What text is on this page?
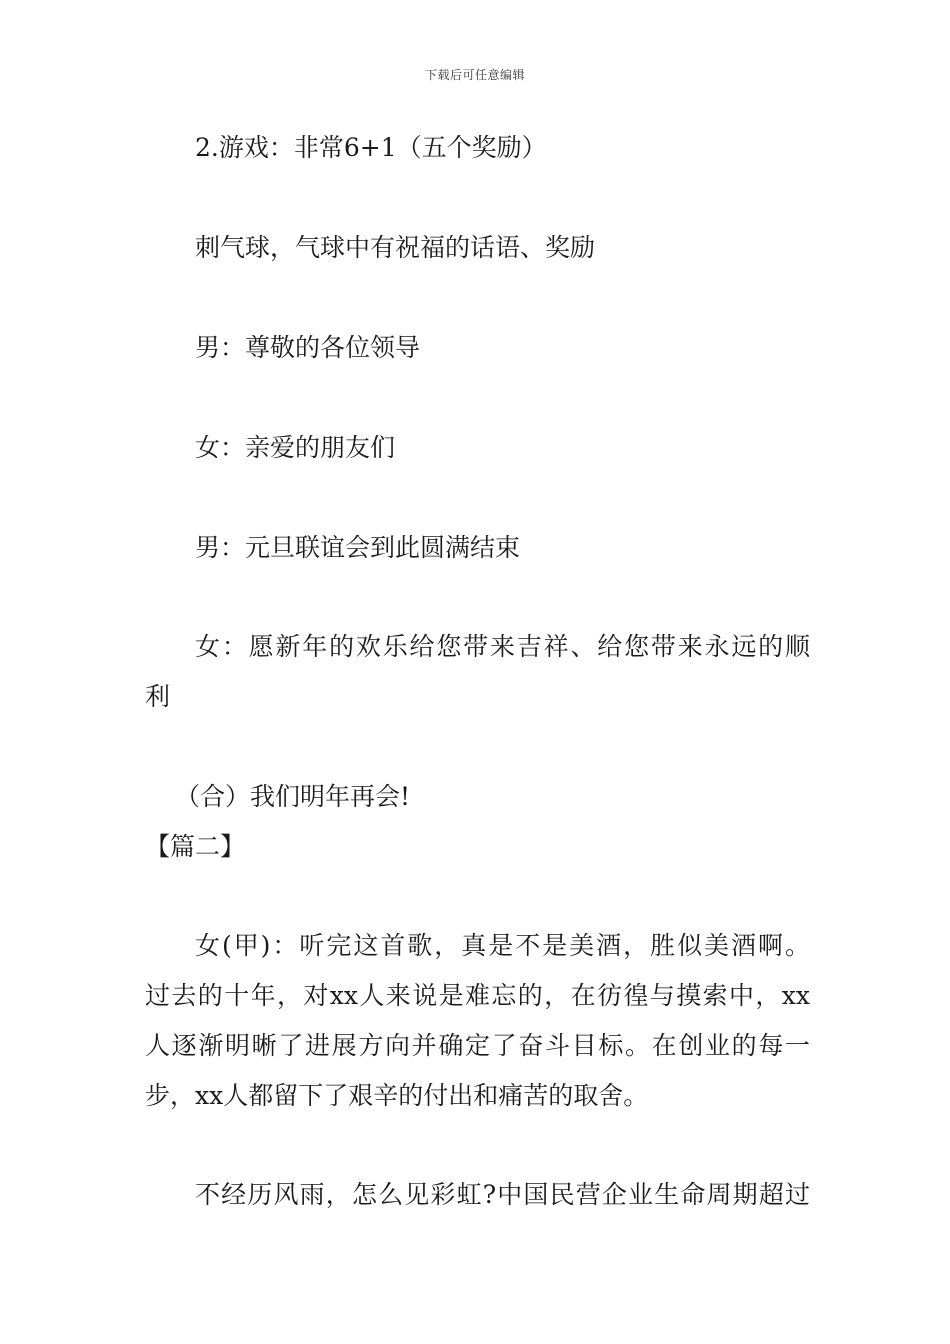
下载后可任意编辑
2.游戏：非常6+1（五个奖励）
刺气球，气球中有祝福的话语、奖励
男：尊敬的各位领导
女：亲爱的朋友们
男：元旦联谊会到此圆满结束
女：愿新年的欢乐给您带来吉祥、给您带来永远的顺
利
（合）我们明年再会!
【篇二】
女(甲)：听完这首歌，真是不是美酒，胜似美酒啊。
过去的十年，对xx人来说是难忘的，在彷徨与摸索中，xx
人逐渐明晰了进展方向并确定了奋斗目标。在创业的每一
步，xx人都留下了艰辛的付出和痛苦的取舍。
不经历风雨，怎么见彩虹?中国民营企业生命周期超过
